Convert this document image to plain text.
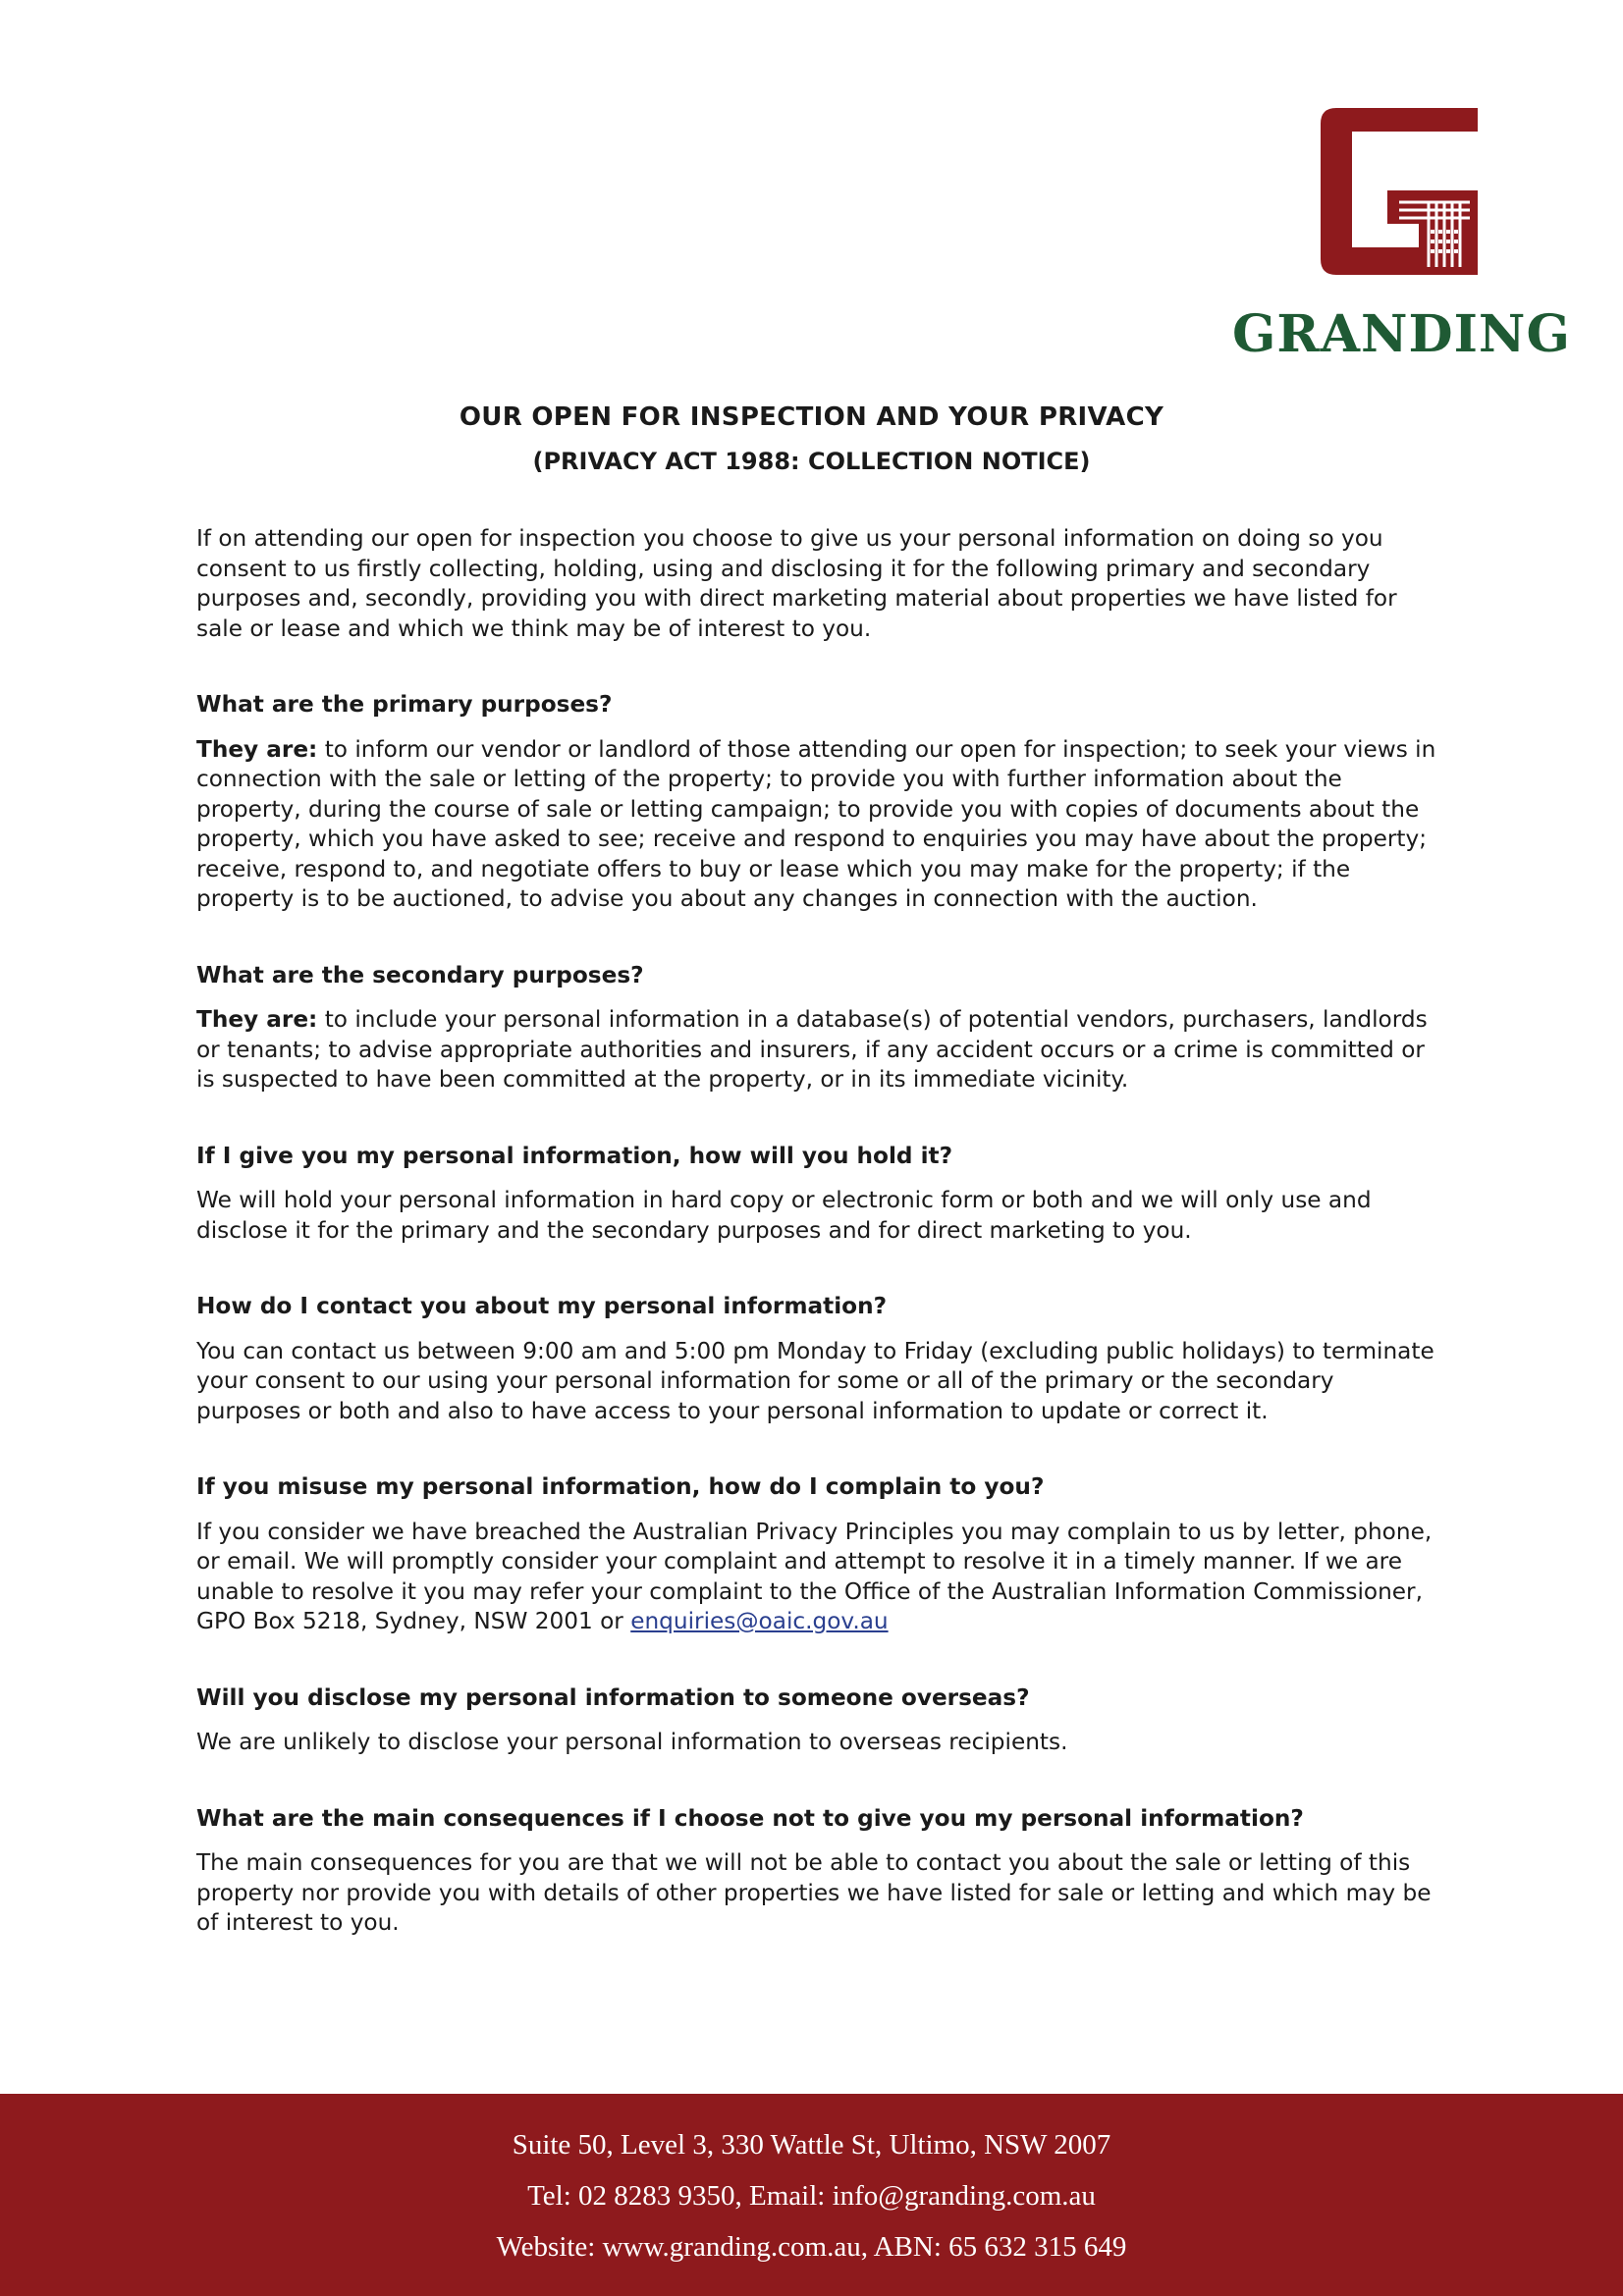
GRANDING
OUR OPEN FOR INSPECTION AND YOUR PRIVACY
(PRIVACY ACT 1988: COLLECTION NOTICE)

If on attending our open for inspection you choose to give us your personal information on doing so you consent to us firstly collecting, holding, using and disclosing it for the following primary and secondary purposes and, secondly, providing you with direct marketing material about properties we have listed for sale or lease and which we think may be of interest to you.

What are the primary purposes?

They are: to inform our vendor or landlord of those attending our open for inspection; to seek your views in connection with the sale or letting of the property; to provide you with further information about the property, during the course of sale or letting campaign; to provide you with copies of documents about the property, which you have asked to see; receive and respond to enquiries you may have about the property; receive, respond to, and negotiate offers to buy or lease which you may make for the property; if the property is to be auctioned, to advise you about any changes in connection with the auction.

What are the secondary purposes?

They are: to include your personal information in a database(s) of potential vendors, purchasers, landlords or tenants; to advise appropriate authorities and insurers, if any accident occurs or a crime is committed or is suspected to have been committed at the property, or in its immediate vicinity.

If I give you my personal information, how will you hold it?

We will hold your personal information in hard copy or electronic form or both and we will only use and disclose it for the primary and the secondary purposes and for direct marketing to you.

How do I contact you about my personal information?

You can contact us between 9:00 am and 5:00 pm Monday to Friday (excluding public holidays) to terminate your consent to our using your personal information for some or all of the primary or the secondary purposes or both and also to have access to your personal information to update or correct it.

If you misuse my personal information, how do I complain to you?

If you consider we have breached the Australian Privacy Principles you may complain to us by letter, phone, or email. We will promptly consider your complaint and attempt to resolve it in a timely manner. If we are unable to resolve it you may refer your complaint to the Office of the Australian Information Commissioner, GPO Box 5218, Sydney, NSW 2001 or enquiries@oaic.gov.au

Will you disclose my personal information to someone overseas?

We are unlikely to disclose your personal information to overseas recipients.

What are the main consequences if I choose not to give you my personal information?

The main consequences for you are that we will not be able to contact you about the sale or letting of this property nor provide you with details of other properties we have listed for sale or letting and which may be of interest to you.

Suite 50, Level 3, 330 Wattle St, Ultimo, NSW 2007
Tel: 02 8283 9350, Email: info@granding.com.au
Website: www.granding.com.au, ABN: 65 632 315 649
